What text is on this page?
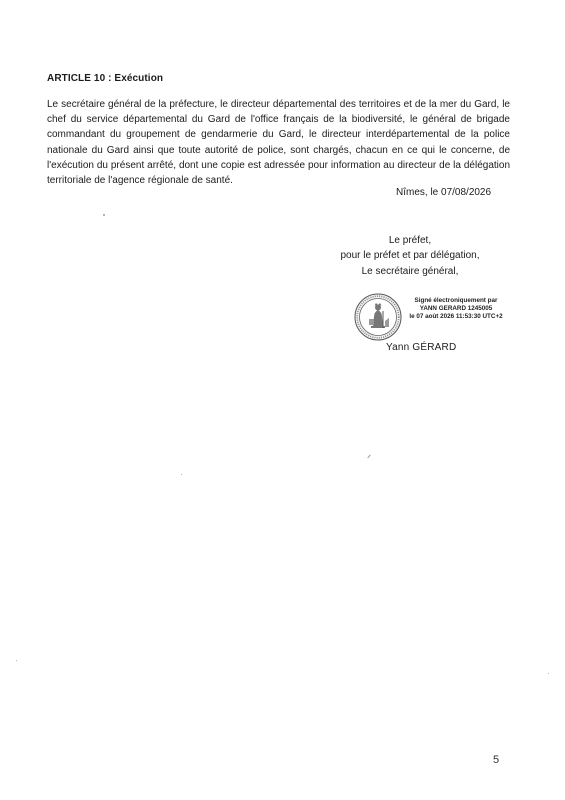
ARTICLE 10 : Exécution
Le secrétaire général de la préfecture, le directeur départemental des territoires et de la mer du Gard, le chef du service départemental du Gard de l'office français de la biodiversité, le général de brigade commandant du groupement de gendarmerie du Gard, le directeur interdépartemental de la police nationale du Gard ainsi que toute autorité de police, sont chargés, chacun en ce qui le concerne, de l'exécution du présent arrêté, dont une copie est adressée pour information au directeur de la délégation territoriale de l'agence régionale de santé.
Nîmes, le 07/08/2026
Le préfet,
pour le préfet et par délégation,
Le secrétaire général,
Signé électroniquement par
YANN GERARD 1245005
le 07 août 2026 11:53:30 UTC+2
Yann GÉRARD
5
